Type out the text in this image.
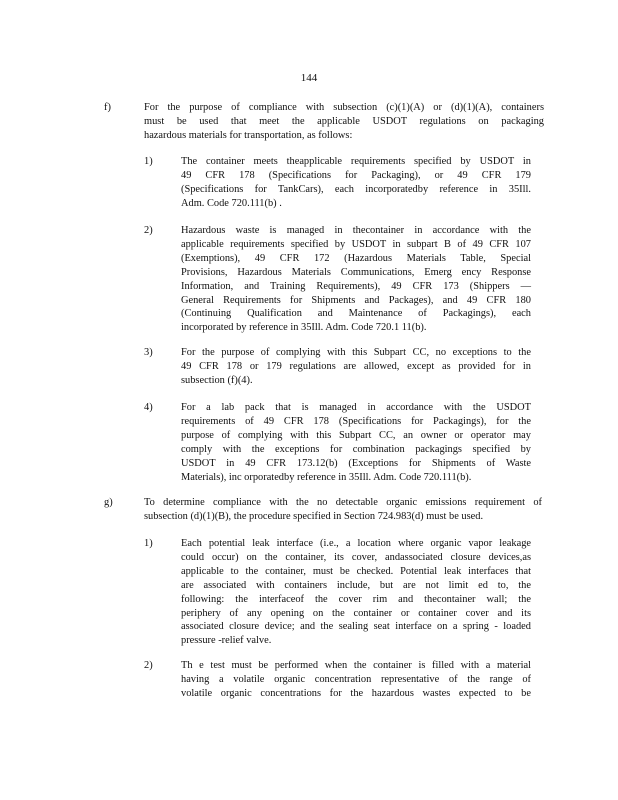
144
f)	For the purpose of compliance with subsection (c)(1)(A) or (d)(1)(A), containers
must be used that meet the applicable USDOT regulations on packaging
hazardous materials for transportation, as follows:
1)	The container meets theapplicable requirements specified by USDOT in
49 CFR 178 (Specifications for Packaging), or 49 CFR 179
(Specifications for TankCars), each incorporatedby reference in 35Ill.
Adm. Code 720.111(b) .
2)	Hazardous waste is managed in thecontainer in accordance with the
applicable requirements specified by USDOT in subpart B of 49 CFR 107
(Exemptions), 49 CFR 172 (Hazardous Materials Table, Special
Provisions, Hazardous Materials Communications, Emerg ency Response
Information, and Training Requirements), 49 CFR 173 (Shippers —
General Requirements for Shipments and Packages), and 49 CFR 180
(Continuing Qualification and Maintenance of Packagings), each
incorporated by reference in 35Ill. Adm. Code 720.1 11(b).
3)	For the purpose of complying with this Subpart CC, no exceptions to the
49 CFR 178 or 179 regulations are allowed, except as provided for in
subsection (f)(4).
4)	For a lab pack that is managed in accordance with the USDOT
requirements of 49 CFR 178 (Specifications for Packagings), for the
purpose of complying with this Subpart CC, an owner or operator may
comply with the exceptions for combination packagings specified by
USDOT in 49 CFR 173.12(b) (Exceptions for Shipments of Waste
Materials), inc orporatedby reference in 35Ill. Adm. Code 720.111(b).
g)	To determine compliance with the no detectable organic emissions requirement of
subsection (d)(1)(B), the procedure specified in Section 724.983(d) must be used.
1)	Each potential leak interface (i.e., a location where organic vapor leakage
could occur) on the container, its cover, andassociated closure devices,as
applicable to the container, must be checked. Potential leak interfaces that
are associated with containers include, but are not limit ed to, the
following: the interfaceof the cover rim and thecontainer wall; the
periphery of any opening on the container or container cover and its
associated closure device; and the sealing seat interface on a spring - loaded
pressure -relief valve.
2)	Th e test must be performed when the container is filled with a material
having a volatile organic concentration representative of the range of
volatile organic concentrations for the hazardous wastes expected to be
